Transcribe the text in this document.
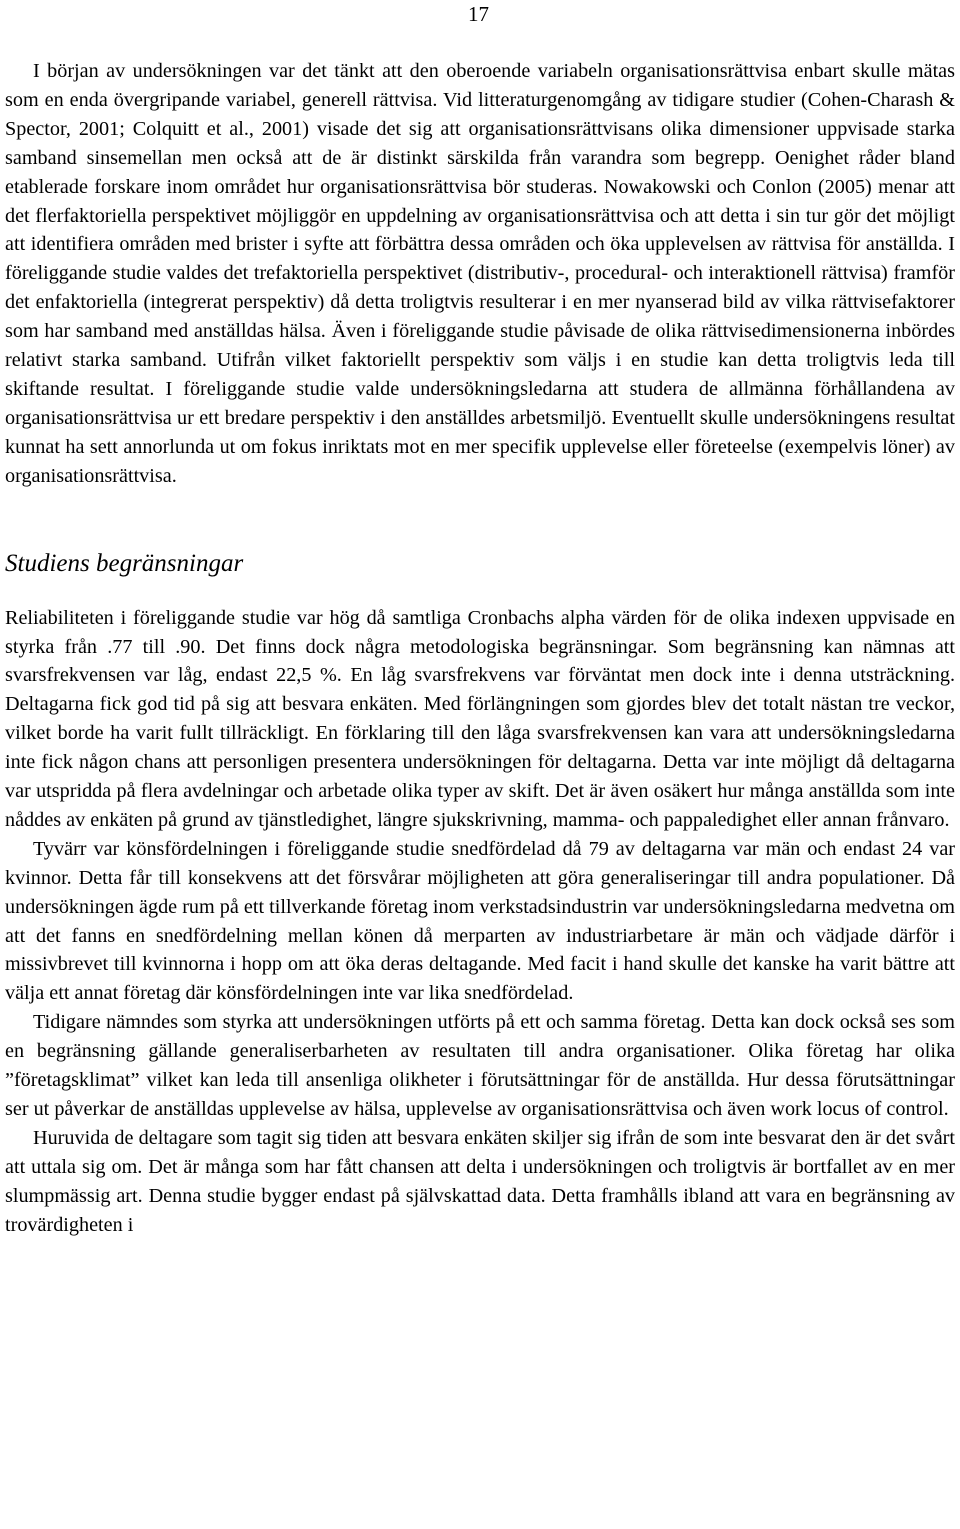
17

I början av undersökningen var det tänkt att den oberoende variabeln organisationsrättvisa enbart skulle mätas som en enda övergripande variabel, generell rättvisa. Vid litteraturgenomgång av tidigare studier (Cohen-Charash & Spector, 2001; Colquitt et al., 2001) visade det sig att organisationsrättvisans olika dimensioner uppvisade starka samband sinsemellan men också att de är distinkt särskilda från varandra som begrepp. Oenighet råder bland etablerade forskare inom området hur organisationsrättvisa bör studeras. Nowakowski och Conlon (2005) menar att det flerfaktoriella perspektivet möjliggör en uppdelning av organisationsrättvisa och att detta i sin tur gör det möjligt att identifiera områden med brister i syfte att förbättra dessa områden och öka upplevelsen av rättvisa för anställda. I föreliggande studie valdes det trefaktoriella perspektivet (distributiv-, procedural- och interaktionell rättvisa) framför det enfaktoriella (integrerat perspektiv) då detta troligtvis resulterar i en mer nyanserad bild av vilka rättvisefaktorer som har samband med anställdas hälsa. Även i föreliggande studie påvisade de olika rättvisedimensionerna inbördes relativt starka samband. Utifrån vilket faktoriellt perspektiv som väljs i en studie kan detta troligtvis leda till skiftande resultat. I föreliggande studie valde undersökningsledarna att studera de allmänna förhållandena av organisationsrättvisa ur ett bredare perspektiv i den anställdes arbetsmiljö. Eventuellt skulle undersökningens resultat kunnat ha sett annorlunda ut om fokus inriktats mot en mer specifik upplevelse eller företeelse (exempelvis löner) av organisationsrättvisa.

Studiens begränsningar

Reliabiliteten i föreliggande studie var hög då samtliga Cronbachs alpha värden för de olika indexen uppvisade en styrka från .77 till .90. Det finns dock några metodologiska begränsningar. Som begränsning kan nämnas att svarsfrekvensen var låg, endast 22,5 %. En låg svarsfrekvens var förväntat men dock inte i denna utsträckning. Deltagarna fick god tid på sig att besvara enkäten. Med förlängningen som gjordes blev det totalt nästan tre veckor, vilket borde ha varit fullt tillräckligt. En förklaring till den låga svarsfrekvensen kan vara att undersökningsledarna inte fick någon chans att personligen presentera undersökningen för deltagarna. Detta var inte möjligt då deltagarna var utspridda på flera avdelningar och arbetade olika typer av skift. Det är även osäkert hur många anställda som inte nåddes av enkäten på grund av tjänstledighet, längre sjukskrivning, mamma- och pappaledighet eller annan frånvaro.

Tyvärr var könsfördelningen i föreliggande studie snedfördelad då 79 av deltagarna var män och endast 24 var kvinnor. Detta får till konsekvens att det försvårar möjligheten att göra generaliseringar till andra populationer. Då undersökningen ägde rum på ett tillverkande företag inom verkstadsindustrin var undersökningsledarna medvetna om att det fanns en snedfördelning mellan könen då merparten av industriarbetare är män och vädjade därför i missivbrevet till kvinnorna i hopp om att öka deras deltagande. Med facit i hand skulle det kanske ha varit bättre att välja ett annat företag där könsfördelningen inte var lika snedfördelad.

Tidigare nämndes som styrka att undersökningen utförts på ett och samma företag. Detta kan dock också ses som en begränsning gällande generaliserbarheten av resultaten till andra organisationer. Olika företag har olika ”företagsklimat” vilket kan leda till ansenliga olikheter i förutsättningar för de anställda. Hur dessa förutsättningar ser ut påverkar de anställdas upplevelse av hälsa, upplevelse av organisationsrättvisa och även work locus of control.

Huruvida de deltagare som tagit sig tiden att besvara enkäten skiljer sig ifrån de som inte besvarat den är det svårt att uttala sig om. Det är många som har fått chansen att delta i undersökningen och troligtvis är bortfallet av en mer slumpmässig art. Denna studie bygger endast på självskattad data. Detta framhålls ibland att vara en begränsning av trovärdigheten i
